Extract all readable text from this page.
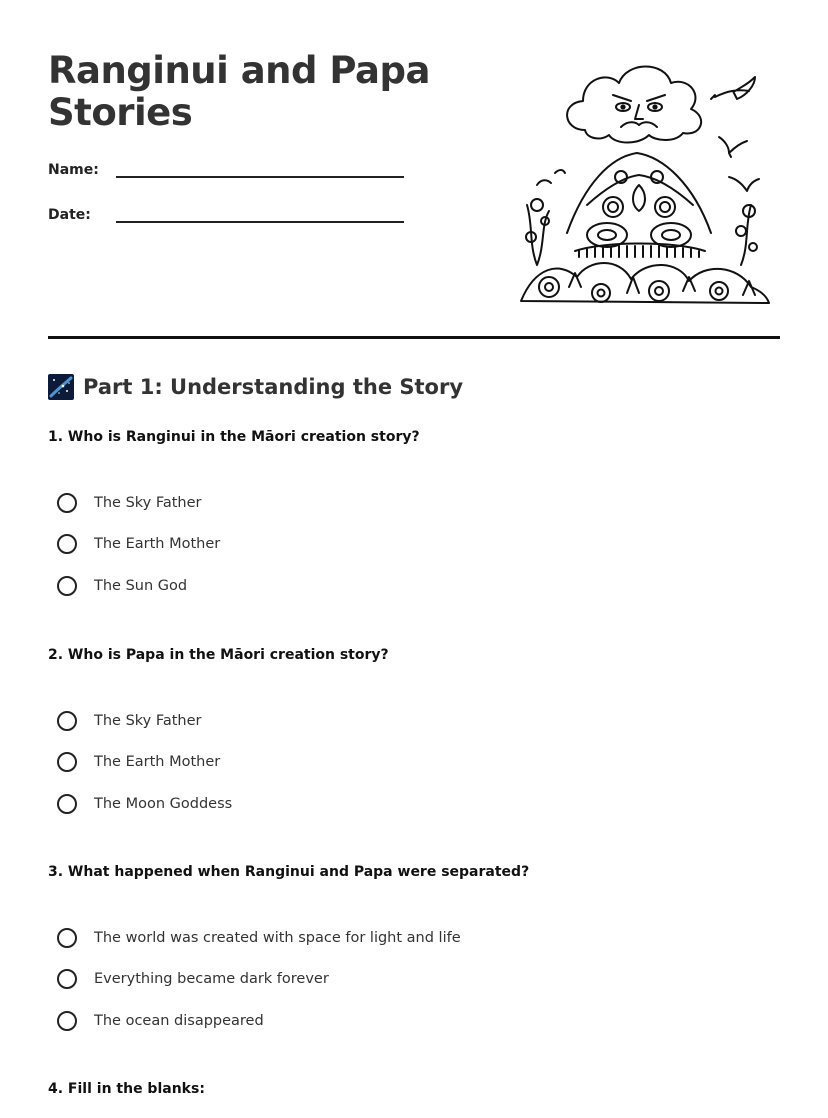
Ranginui and Papa
Stories
Name:
Date:
Part 1: Understanding the Story
1. Who is Ranginui in the Māori creation story?
The Sky Father
The Earth Mother
The Sun God
2. Who is Papa in the Māori creation story?
The Sky Father
The Earth Mother
The Moon Goddess
3. What happened when Ranginui and Papa were separated?
The world was created with space for light and life
Everything became dark forever
The ocean disappeared
4. Fill in the blanks:
